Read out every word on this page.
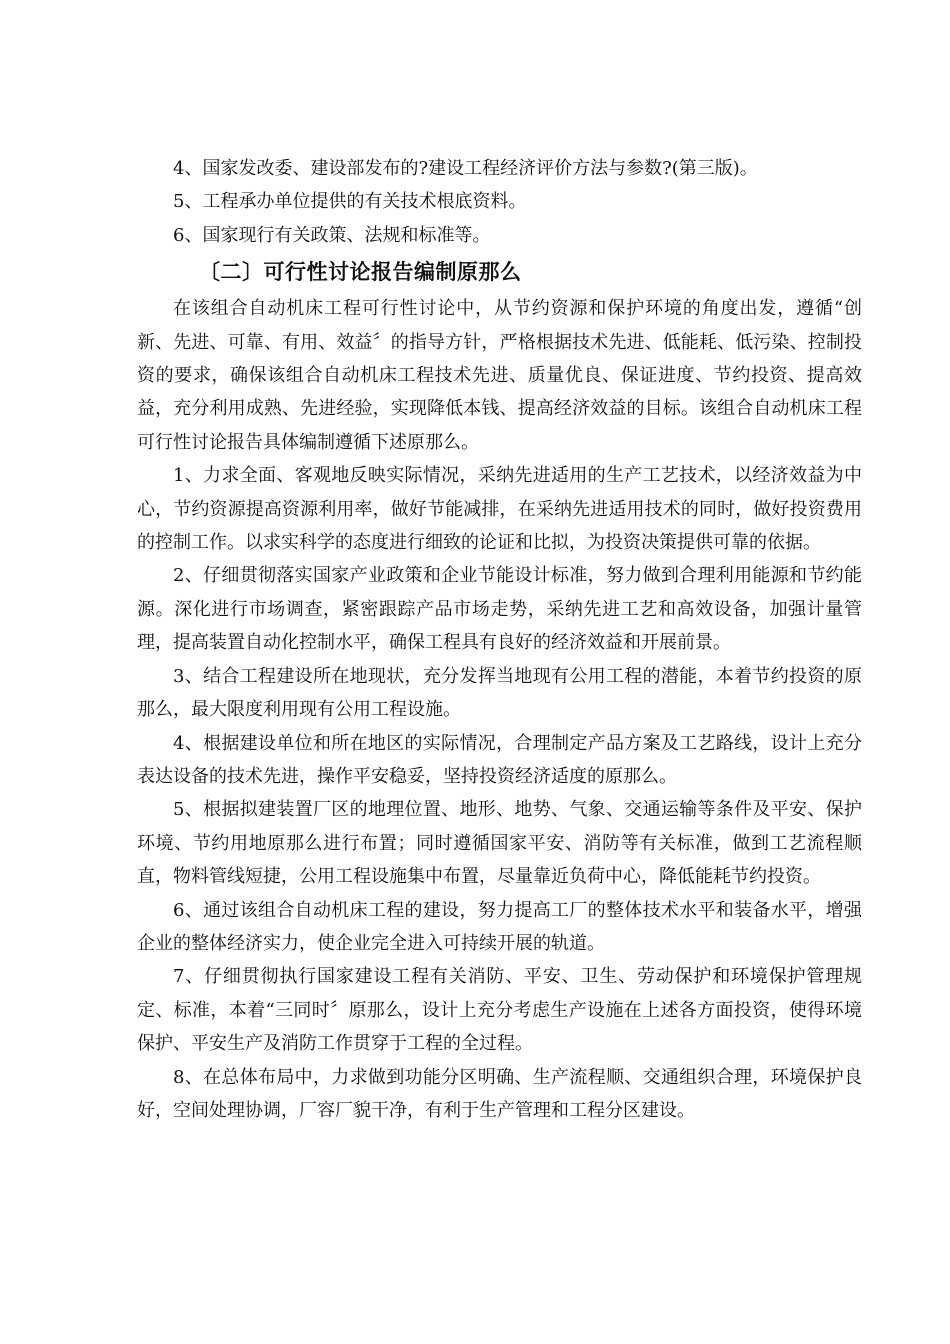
4、国家发改委、建设部发布的?建设工程经济评价方法与参数?(第三版)。

5、工程承办单位提供的有关技术根底资料。

6、国家现行有关政策、法规和标准等。

〔二〕可行性讨论报告编制原那么

在该组合自动机床工程可行性讨论中，从节约资源和保护环境的角度出发，遵循“创新、先进、可靠、有用、效益〞的指导方针，严格根据技术先进、低能耗、低污染、控制投资的要求，确保该组合自动机床工程技术先进、质量优良、保证进度、节约投资、提高效益，充分利用成熟、先进经验，实现降低本钱、提高经济效益的目标。该组合自动机床工程可行性讨论报告具体编制遵循下述原那么。

1、力求全面、客观地反映实际情况，采纳先进适用的生产工艺技术，以经济效益为中心，节约资源提高资源利用率，做好节能减排，在采纳先进适用技术的同时，做好投资费用的控制工作。以求实科学的态度进行细致的论证和比拟，为投资决策提供可靠的依据。

2、仔细贯彻落实国家产业政策和企业节能设计标准，努力做到合理利用能源和节约能源。深化进行市场调查，紧密跟踪产品市场走势，采纳先进工艺和高效设备，加强计量管理，提高装置自动化控制水平，确保工程具有良好的经济效益和开展前景。

3、结合工程建设所在地现状，充分发挥当地现有公用工程的潜能，本着节约投资的原那么，最大限度利用现有公用工程设施。

4、根据建设单位和所在地区的实际情况，合理制定产品方案及工艺路线，设计上充分表达设备的技术先进，操作平安稳妥，坚持投资经济适度的原那么。

5、根据拟建装置厂区的地理位置、地形、地势、气象、交通运输等条件及平安、保护环境、节约用地原那么进行布置；同时遵循国家平安、消防等有关标准，做到工艺流程顺直，物料管线短捷，公用工程设施集中布置，尽量靠近负荷中心，降低能耗节约投资。

6、通过该组合自动机床工程的建设，努力提高工厂的整体技术水平和装备水平，增强企业的整体经济实力，使企业完全进入可持续开展的轨道。

7、仔细贯彻执行国家建设工程有关消防、平安、卫生、劳动保护和环境保护管理规定、标准，本着“三同时〞原那么，设计上充分考虑生产设施在上述各方面投资，使得环境保护、平安生产及消防工作贯穿于工程的全过程。

8、在总体布局中，力求做到功能分区明确、生产流程顺、交通组织合理，环境保护良好，空间处理协调，厂容厂貌干净，有利于生产管理和工程分区建设。
